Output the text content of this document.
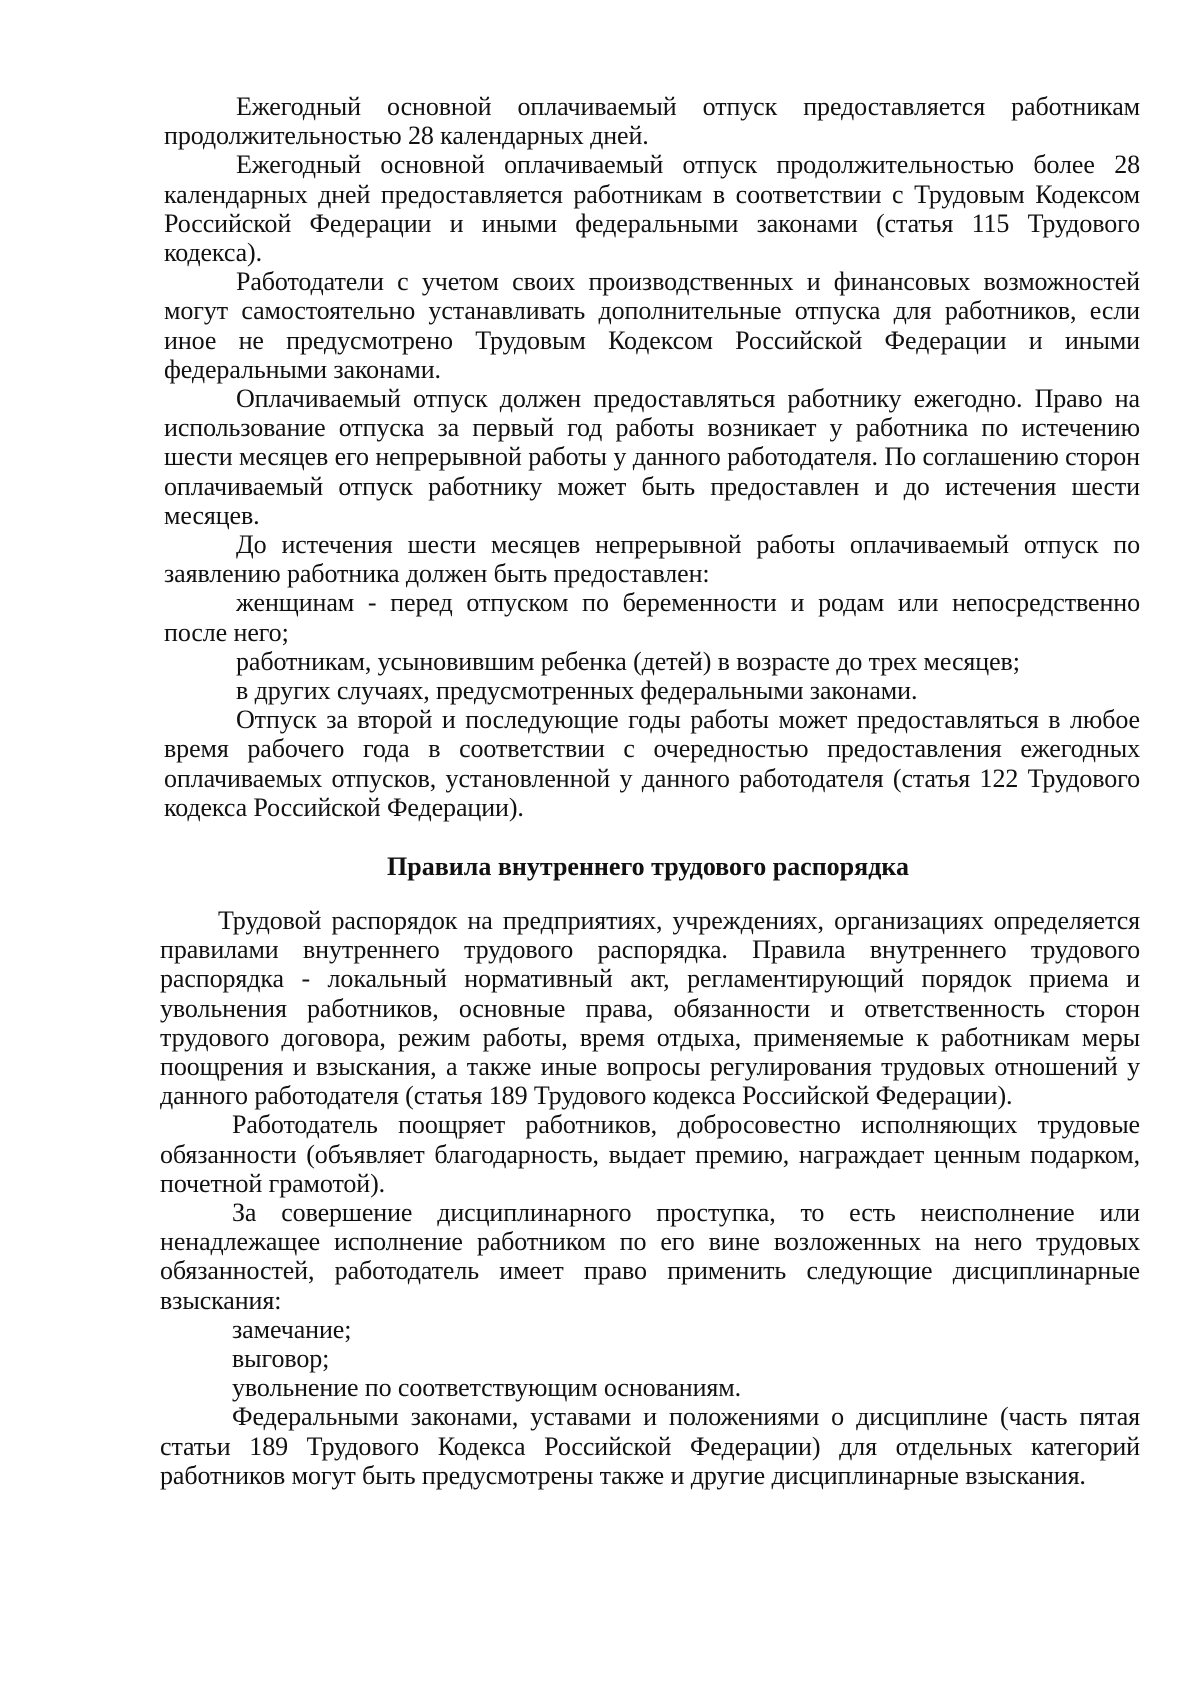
Ежегодный основной оплачиваемый отпуск предоставляется работникам продолжительностью 28 календарных дней.

Ежегодный основной оплачиваемый отпуск продолжительностью более 28 календарных дней предоставляется работникам в соответствии с Трудовым Кодексом Российской Федерации и иными федеральными законами (статья 115 Трудового кодекса).

Работодатели с учетом своих производственных и финансовых возможностей могут самостоятельно устанавливать дополнительные отпуска для работников, если иное не предусмотрено Трудовым Кодексом Российской Федерации и иными федеральными законами.

Оплачиваемый отпуск должен предоставляться работнику ежегодно. Право на использование отпуска за первый год работы возникает у работника по истечению шести месяцев его непрерывной работы у данного работодателя. По соглашению сторон оплачиваемый отпуск работнику может быть предоставлен и до истечения шести месяцев.

До истечения шести месяцев непрерывной работы оплачиваемый отпуск по заявлению работника должен быть предоставлен:

женщинам - перед отпуском по беременности и родам или непосредственно после него;

работникам, усыновившим ребенка (детей) в возрасте до трех месяцев;

в других случаях, предусмотренных федеральными законами.

Отпуск за второй и последующие годы работы может предоставляться в любое время рабочего года в соответствии с очередностью предоставления ежегодных оплачиваемых отпусков, установленной у данного работодателя (статья 122 Трудового кодекса Российской Федерации).

Правила внутреннего трудового распорядка

Трудовой распорядок на предприятиях, учреждениях, организациях определяется правилами внутреннего трудового распорядка. Правила внутреннего трудового распорядка - локальный нормативный акт, регламентирующий порядок приема и увольнения работников, основные права, обязанности и ответственность сторон трудового договора, режим работы, время отдыха, применяемые к работникам меры поощрения и взыскания, а также иные вопросы регулирования трудовых отношений у данного работодателя (статья 189 Трудового кодекса Российской Федерации).

Работодатель поощряет работников, добросовестно исполняющих трудовые обязанности (объявляет благодарность, выдает премию, награждает ценным подарком, почетной грамотой).

За совершение дисциплинарного проступка, то есть неисполнение или ненадлежащее исполнение работником по его вине возложенных на него трудовых обязанностей, работодатель имеет право применить следующие дисциплинарные взыскания:

замечание;

выговор;

увольнение по соответствующим основаниям.

Федеральными законами, уставами и положениями о дисциплине (часть пятая статьи 189 Трудового Кодекса Российской Федерации) для отдельных категорий работников могут быть предусмотрены также и другие дисциплинарные взыскания.
